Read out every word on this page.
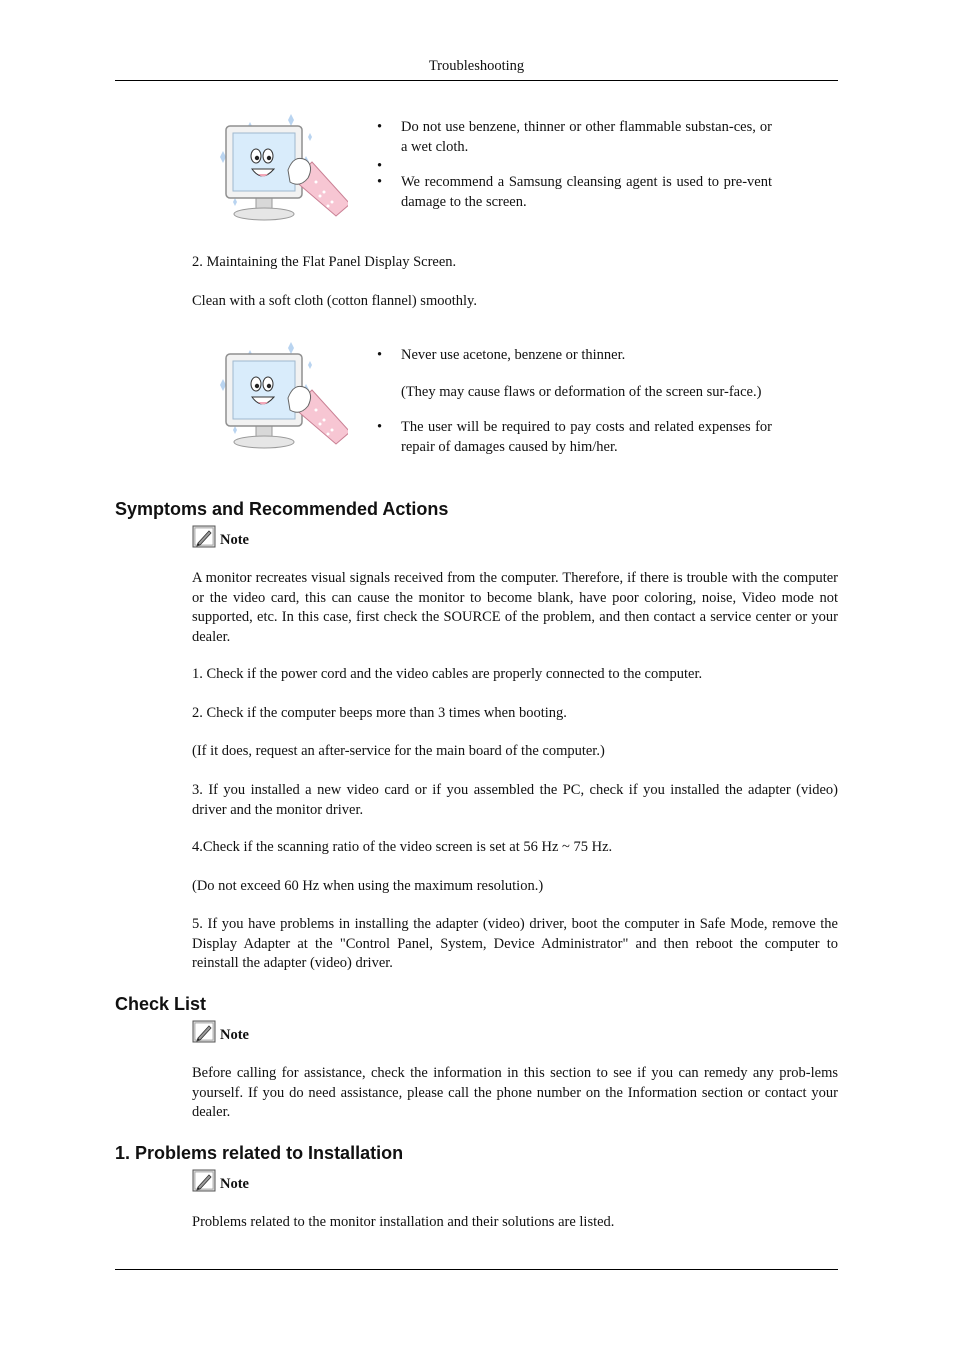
Troubleshooting
• Do not use benzene, thinner or other flammable substan-ces, or a wet cloth.
•
• We recommend a Samsung cleansing agent is used to pre-vent damage to the screen.
2. Maintaining the Flat Panel Display Screen.
Clean with a soft cloth (cotton flannel) smoothly.
• Never use acetone, benzene or thinner.
(They may cause flaws or deformation of the screen sur-face.)
• The user will be required to pay costs and related expenses for repair of damages caused by him/her.
Symptoms and Recommended Actions
Note
A monitor recreates visual signals received from the computer. Therefore, if there is trouble with the computer or the video card, this can cause the monitor to become blank, have poor coloring, noise, Video mode not supported, etc. In this case, first check the SOURCE of the problem, and then contact a service center or your dealer.
1. Check if the power cord and the video cables are properly connected to the computer.
2. Check if the computer beeps more than 3 times when booting.
(If it does, request an after-service for the main board of the computer.)
3. If you installed a new video card or if you assembled the PC, check if you installed the adapter (video) driver and the monitor driver.
4.Check if the scanning ratio of the video screen is set at 56 Hz ~ 75 Hz.
(Do not exceed 60 Hz when using the maximum resolution.)
5. If you have problems in installing the adapter (video) driver, boot the computer in Safe Mode, remove the Display Adapter at the "Control Panel, System, Device Administrator" and then reboot the computer to reinstall the adapter (video) driver.
Check List
Note
Before calling for assistance, check the information in this section to see if you can remedy any prob-lems yourself. If you do need assistance, please call the phone number on the Information section or contact your dealer.
1. Problems related to Installation
Note
Problems related to the monitor installation and their solutions are listed.
